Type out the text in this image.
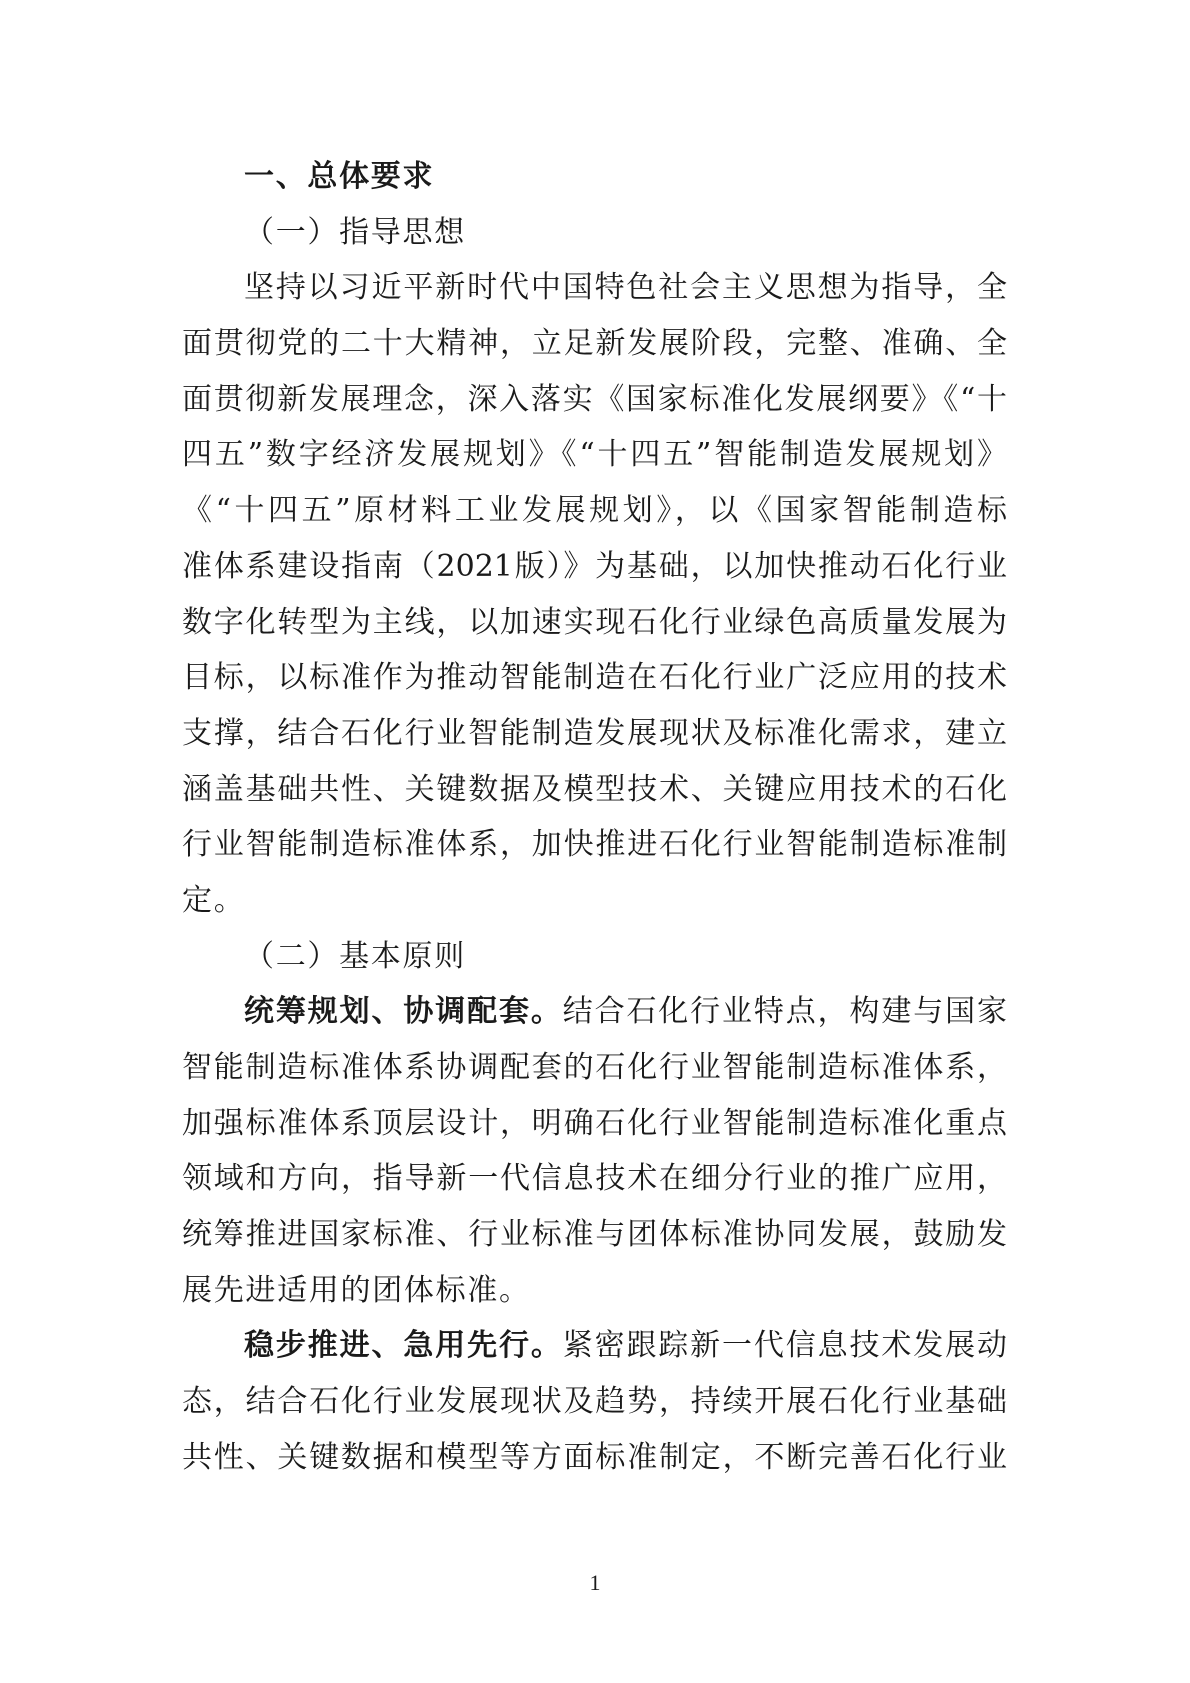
一、总体要求
（一）指导思想
坚持以习近平新时代中国特色社会主义思想为指导，全
面贯彻党的二十大精神，立足新发展阶段，完整、准确、全
面贯彻新发展理念，深入落实《国家标准化发展纲要》《“十
四五”数字经济发展规划》《“十四五”智能制造发展规划》
《“十四五”原材料工业发展规划》，以《国家智能制造标
准体系建设指南（2021版）》为基础，以加快推动石化行业
数字化转型为主线，以加速实现石化行业绿色高质量发展为
目标，以标准作为推动智能制造在石化行业广泛应用的技术
支撑，结合石化行业智能制造发展现状及标准化需求，建立
涵盖基础共性、关键数据及模型技术、关键应用技术的石化
行业智能制造标准体系，加快推进石化行业智能制造标准制
定。
（二）基本原则
统筹规划、协调配套。结合石化行业特点，构建与国家
智能制造标准体系协调配套的石化行业智能制造标准体系，
加强标准体系顶层设计，明确石化行业智能制造标准化重点
领域和方向，指导新一代信息技术在细分行业的推广应用，
统筹推进国家标准、行业标准与团体标准协同发展，鼓励发
展先进适用的团体标准。
稳步推进、急用先行。紧密跟踪新一代信息技术发展动
态，结合石化行业发展现状及趋势，持续开展石化行业基础
共性、关键数据和模型等方面标准制定，不断完善石化行业
1
